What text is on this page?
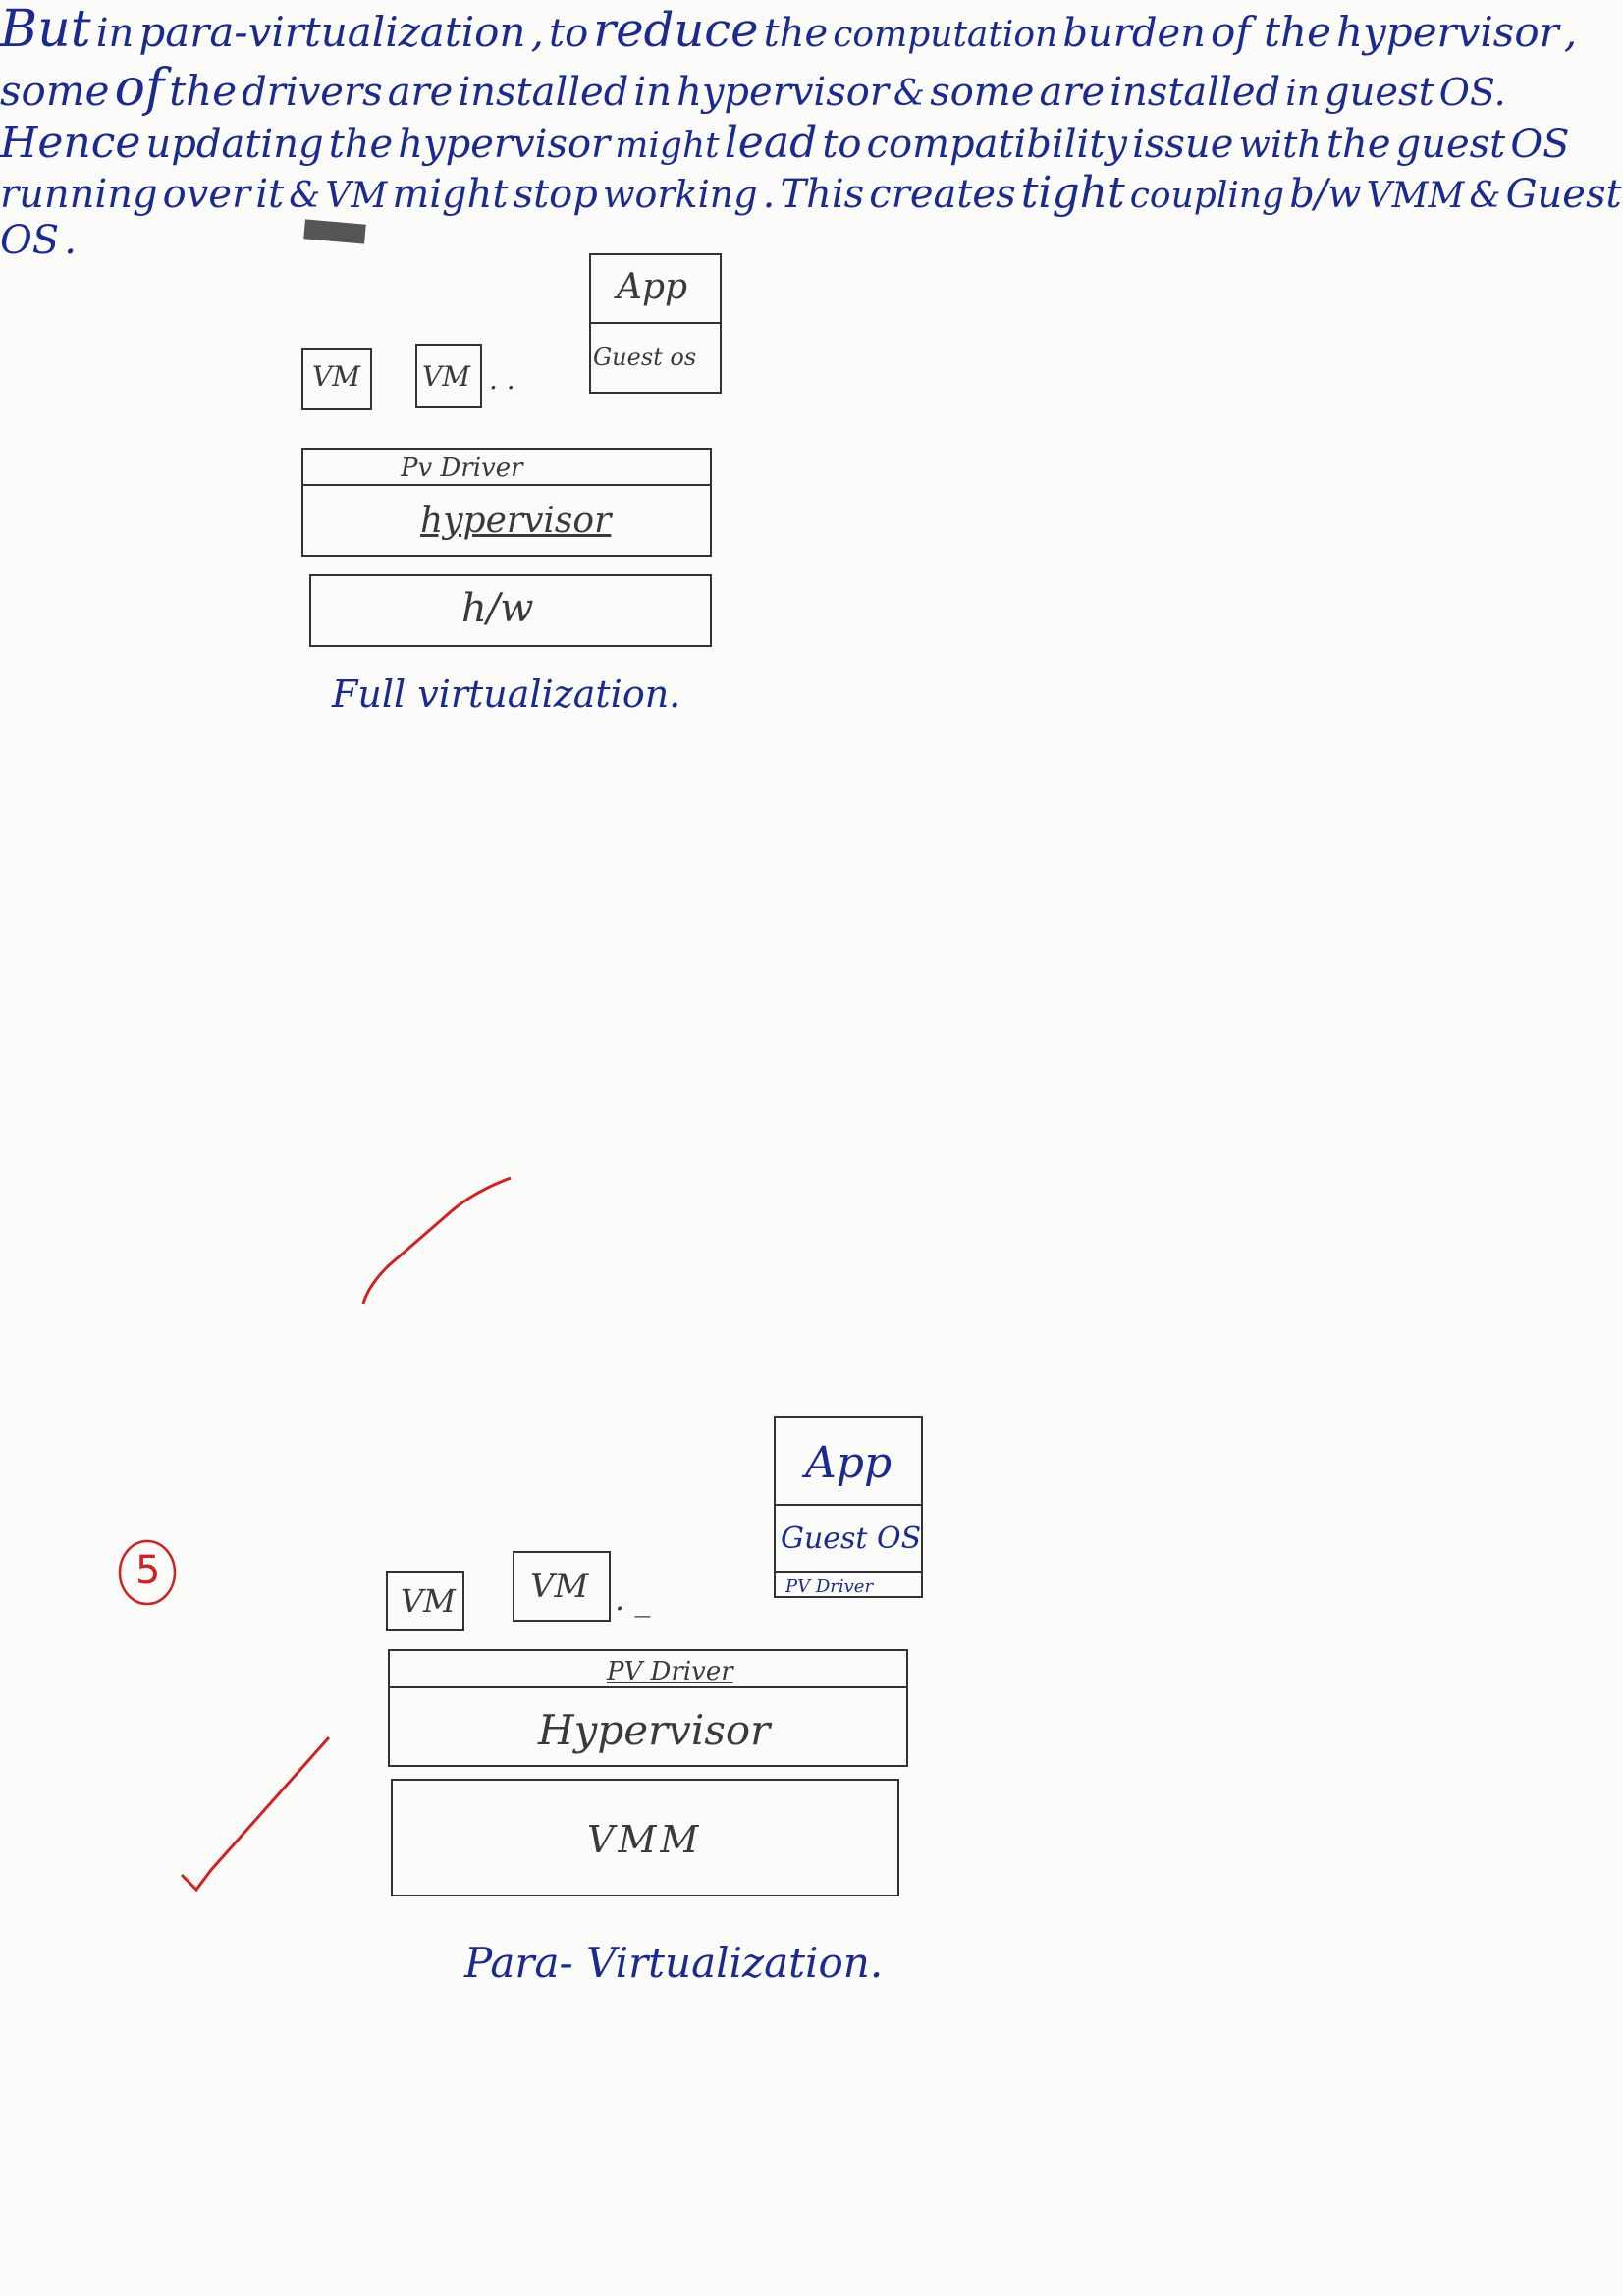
App
Guest os
VM VM . .
Pv Driver
hypervisor
h/w
Full virtualization.
But in para-virtualization , to reduce the computation burden of the hypervisor , some of the drivers are installed in hypervisor & some are installed in guest OS. Hence updating the hypervisor might lead to compatibility issue with the guest OS running over it & VM might stop working . This creates tight coupling b/w VMM & Guest OS .
5
App
Guest OS
PV Driver
VM VM . _
PV Driver
Hypervisor
VMM
Para- Virtualization.
